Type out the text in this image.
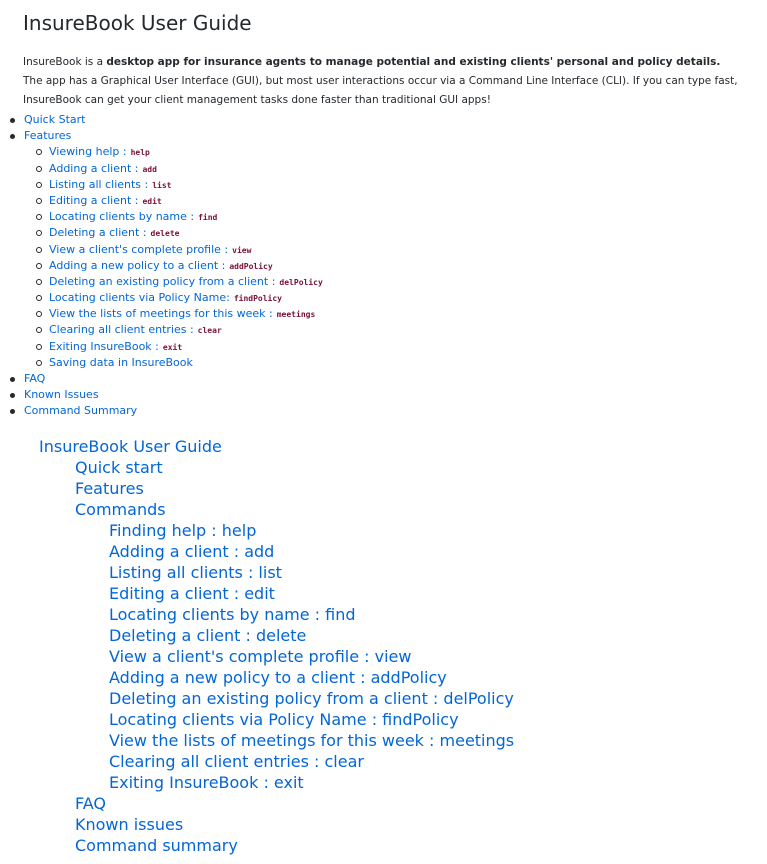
InsureBook User Guide

InsureBook is a desktop app for insurance agents to manage potential and existing clients' personal and policy details. The app has a Graphical User Interface (GUI), but most user interactions occur via a Command Line Interface (CLI). If you can type fast, InsureBook can get your client management tasks done faster than traditional GUI apps!

Quick Start
Features
Viewing help : help
Adding a client : add
Listing all clients : list
Editing a client : edit
Locating clients by name : find
Deleting a client : delete
View a client's complete profile : view
Adding a new policy to a client : addPolicy
Deleting an existing policy from a client : delPolicy
Locating clients via Policy Name: findPolicy
View the lists of meetings for this week : meetings
Clearing all client entries : clear
Exiting InsureBook : exit
Saving data in InsureBook
FAQ
Known Issues
Command Summary
InsureBook User Guide
Quick start
Features
Commands
Finding help : help
Adding a client : add
Listing all clients : list
Editing a client : edit
Locating clients by name : find
Deleting a client : delete
View a client's complete profile : view
Adding a new policy to a client : addPolicy
Deleting an existing policy from a client : delPolicy
Locating clients via Policy Name : findPolicy
View the lists of meetings for this week : meetings
Clearing all client entries : clear
Exiting InsureBook : exit
FAQ
Known issues
Command summary
